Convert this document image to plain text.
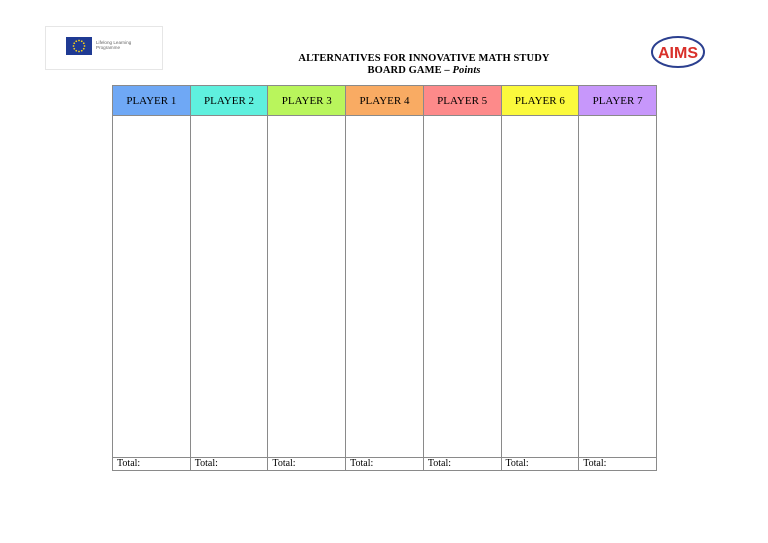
Lifelong Learning Programme	AIMS
ALTERNATIVES FOR INNOVATIVE MATH STUDY
BOARD GAME – Points
PLAYER 1	PLAYER 2	PLAYER 3	PLAYER 4	PLAYER 5	PLAYER 6	PLAYER 7

Total:	Total:	Total:	Total:	Total:	Total:	Total:
